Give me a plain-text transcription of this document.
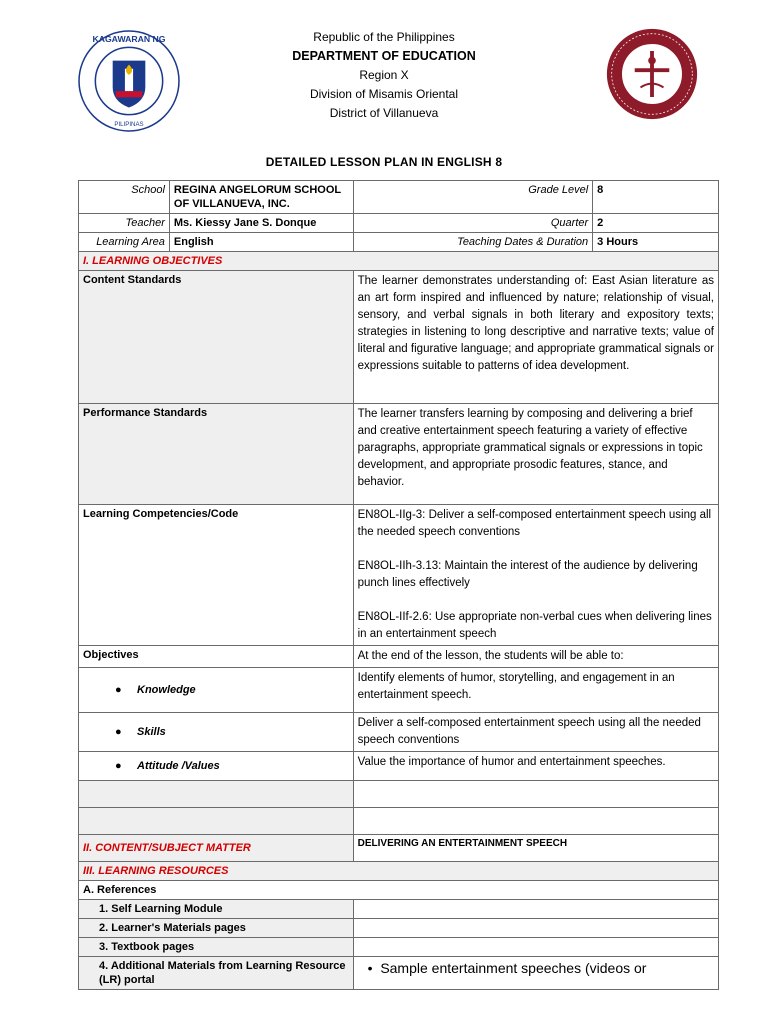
KAGAWARAN NG
PILIPINAS
Republic of the Philippines
DEPARTMENT OF EDUCATION
Region X
Division of Misamis Oriental
District of Villanueva
DETAILED LESSON PLAN IN ENGLISH 8
School	REGINA ANGELORUM SCHOOL OF VILLANUEVA, INC.	Grade Level	8
Teacher	Ms. Kiessy Jane S. Donque	Quarter	2
Learning Area	English	Teaching Dates & Duration	3 Hours
I. LEARNING OBJECTIVES			
Content Standards		The learner demonstrates understanding of: East Asian literature as an art form inspired and influenced by nature; relationship of visual, sensory, and verbal signals in both literary and expository texts; strategies in listening to long descriptive and narrative texts; value of literal and figurative language; and appropriate grammatical signals or expressions suitable to patterns of idea development.	
Performance Standards		The learner transfers learning by composing and delivering a brief and creative entertainment speech featuring a variety of effective paragraphs, appropriate grammatical signals or expressions in topic development, and appropriate prosodic features, stance, and behavior.	
Learning Competencies/Code		EN8OL-IIg-3: Deliver a self-composed entertainment speech using all the needed speech conventions
EN8OL-IIh-3.13: Maintain the interest of the audience by delivering punch lines effectively
EN8OL-IIf-2.6: Use appropriate non-verbal cues when delivering lines in an entertainment speech	

Objectives		At the end of the lesson, the students will be able to:	
● Knowledge		Identify elements of humor, storytelling, and engagement in an entertainment speech.	
● Skills		Deliver a self-composed entertainment speech using all the needed speech conventions	
● Attitude /Values		Value the importance of humor and entertainment speeches.	

II. CONTENT/SUBJECT MATTER		DELIVERING AN ENTERTAINMENT SPEECH	
III. LEARNING RESOURCES			
A. References			
1. Self Learning Module			
2. Learner's Materials pages			
3. Textbook pages			
4. Additional Materials from Learning Resource (LR) portal		•  Sample entertainment speeches (videos or	
